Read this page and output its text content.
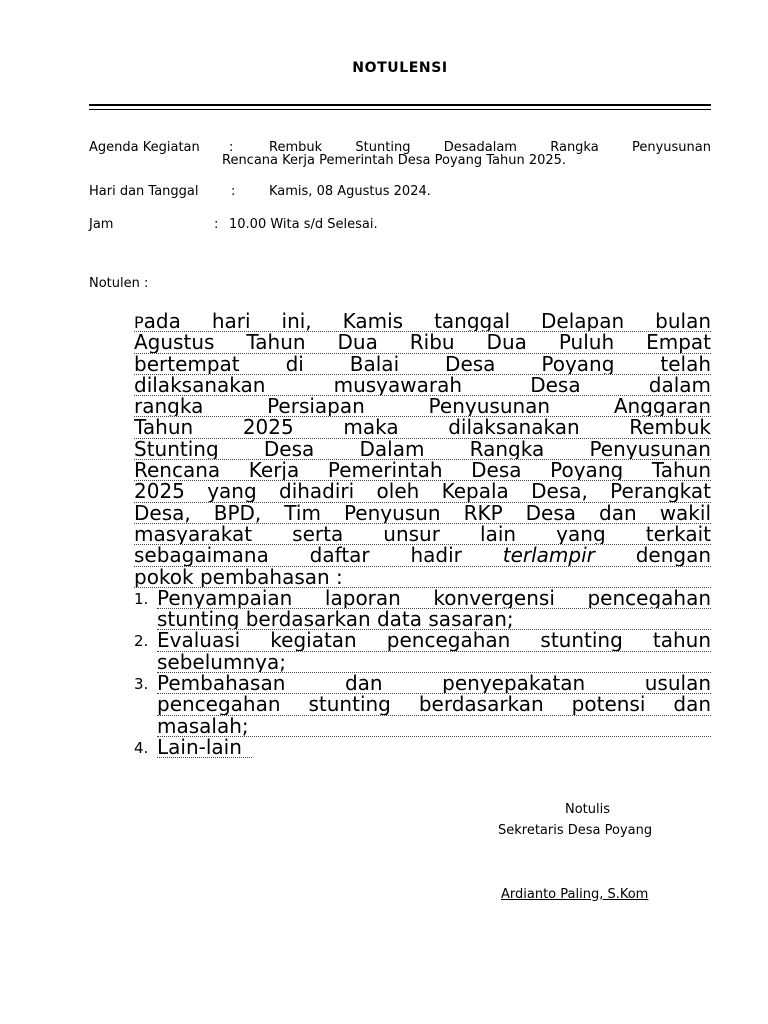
NOTULENSI
Agenda Kegiatan :	Rembuk Stunting Desadalam Rangka Penyusunan
Rencana Kerja Pemerintah Desa Poyang Tahun 2025.
Hari dan Tanggal	:	Kamis, 08 Agustus 2024.
Jam	: 10.00 Wita s/d Selesai.
Notulen :
Pada hari ini, Kamis tanggal Delapan bulan
Agustus Tahun Dua Ribu Dua Puluh Empat
bertempat di Balai Desa Poyang telah
dilaksanakan musyawarah Desa dalam
rangka Persiapan Penyusunan Anggaran
Tahun 2025 maka dilaksanakan Rembuk
Stunting Desa Dalam Rangka Penyusunan
Rencana Kerja Pemerintah Desa Poyang Tahun
2025 yang dihadiri oleh Kepala Desa, Perangkat
Desa, BPD, Tim Penyusun RKP Desa dan wakil
masyarakat serta unsur lain yang terkait
sebagaimana daftar hadir terlampir dengan
pokok pembahasan :
1. Penyampaian laporan konvergensi pencegahan
stunting berdasarkan data sasaran;
2. Evaluasi kegiatan pencegahan stunting tahun
sebelumnya;
3. Pembahasan dan penyepakatan usulan
pencegahan stunting berdasarkan potensi dan
masalah;
4. Lain-lain
Notulis
Sekretaris Desa Poyang
Ardianto Paling, S.Kom
